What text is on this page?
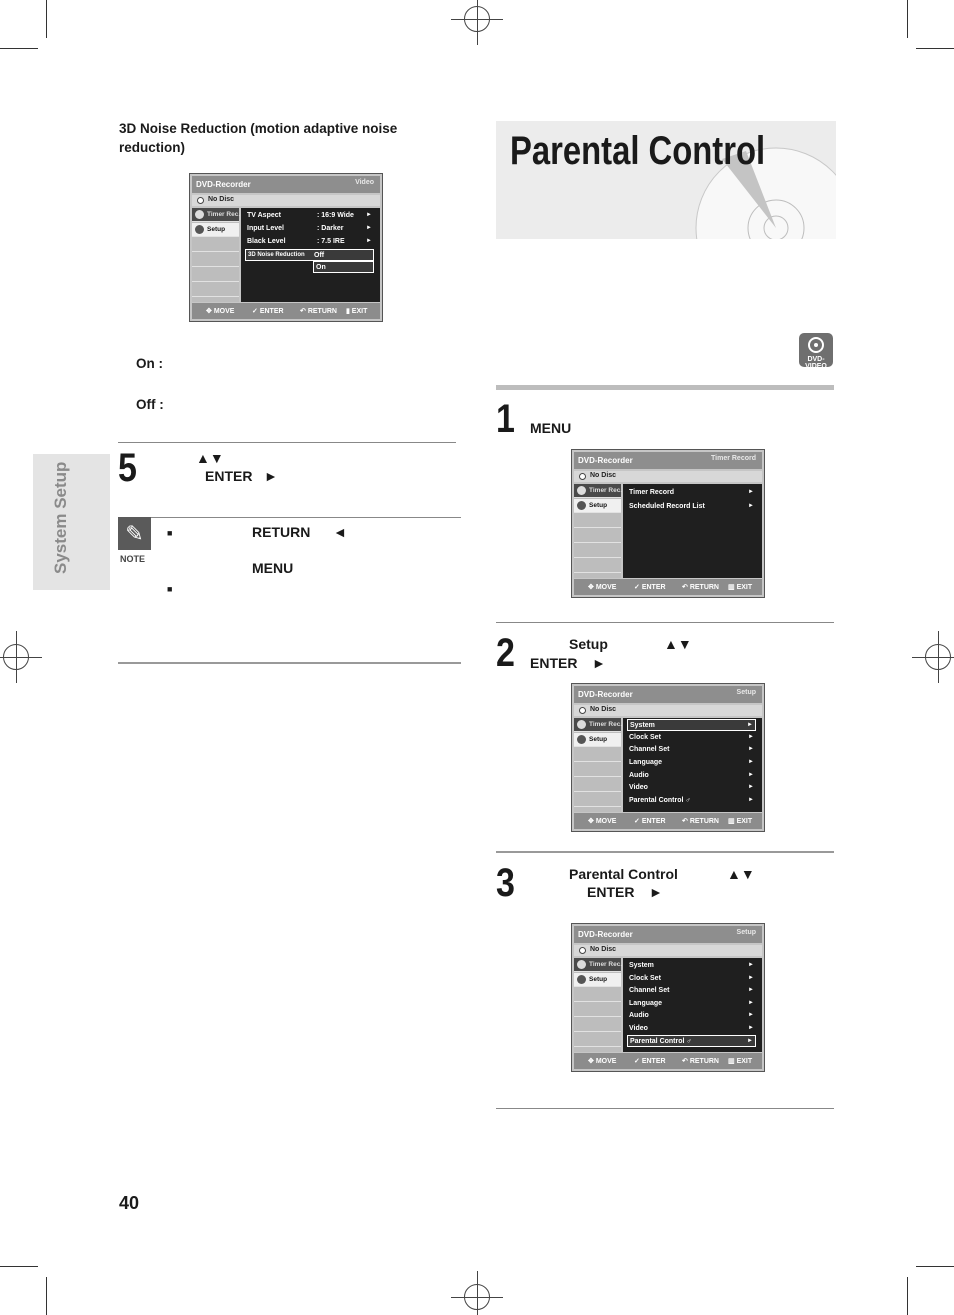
System Setup
3D Noise Reduction (motion adaptive noise reduction)
DVD-Recorder	Video
No Disc
Timer Rec.
Setup
TV Aspect	: 16:9 Wide ►
Input Level	: Darker	►
Black Level	: 7.5 IRE	►
3D Noise Reduction Off
On
✥ MOVE	✓ ENTER ↶ RETURN ▮ EXIT
On :
Off :
5	▲▼
ENTER ►
✎
NOTE
■	RETURN ◄
MENU
■
40
Parental Control
DVD-VIDEO
1 MENU
DVD-Recorder	Timer Record
No Disc
Timer Rec.
Setup
Timer Record	►
Scheduled Record List	►
✥ MOVE	✓ ENTER ↶ RETURN ▥ EXIT
2	Setup	▲▼
ENTER ►
DVD-Recorder	Setup
No Disc
Timer Rec.
Setup
System	►
Clock Set	►
Channel Set	►
Language	►
Audio	►
Video	►
Parental Control ♂	►
✥ MOVE	✓ ENTER ↶ RETURN ▥ EXIT
3	Parental Control	▲▼
ENTER ►
DVD-Recorder	Setup
No Disc
Timer Rec.
Setup
System	►
Clock Set	►
Channel Set	►
Language	►
Audio	►
Video	►
Parental Control ♂	►
✥ MOVE	✓ ENTER ↶ RETURN ▥ EXIT
